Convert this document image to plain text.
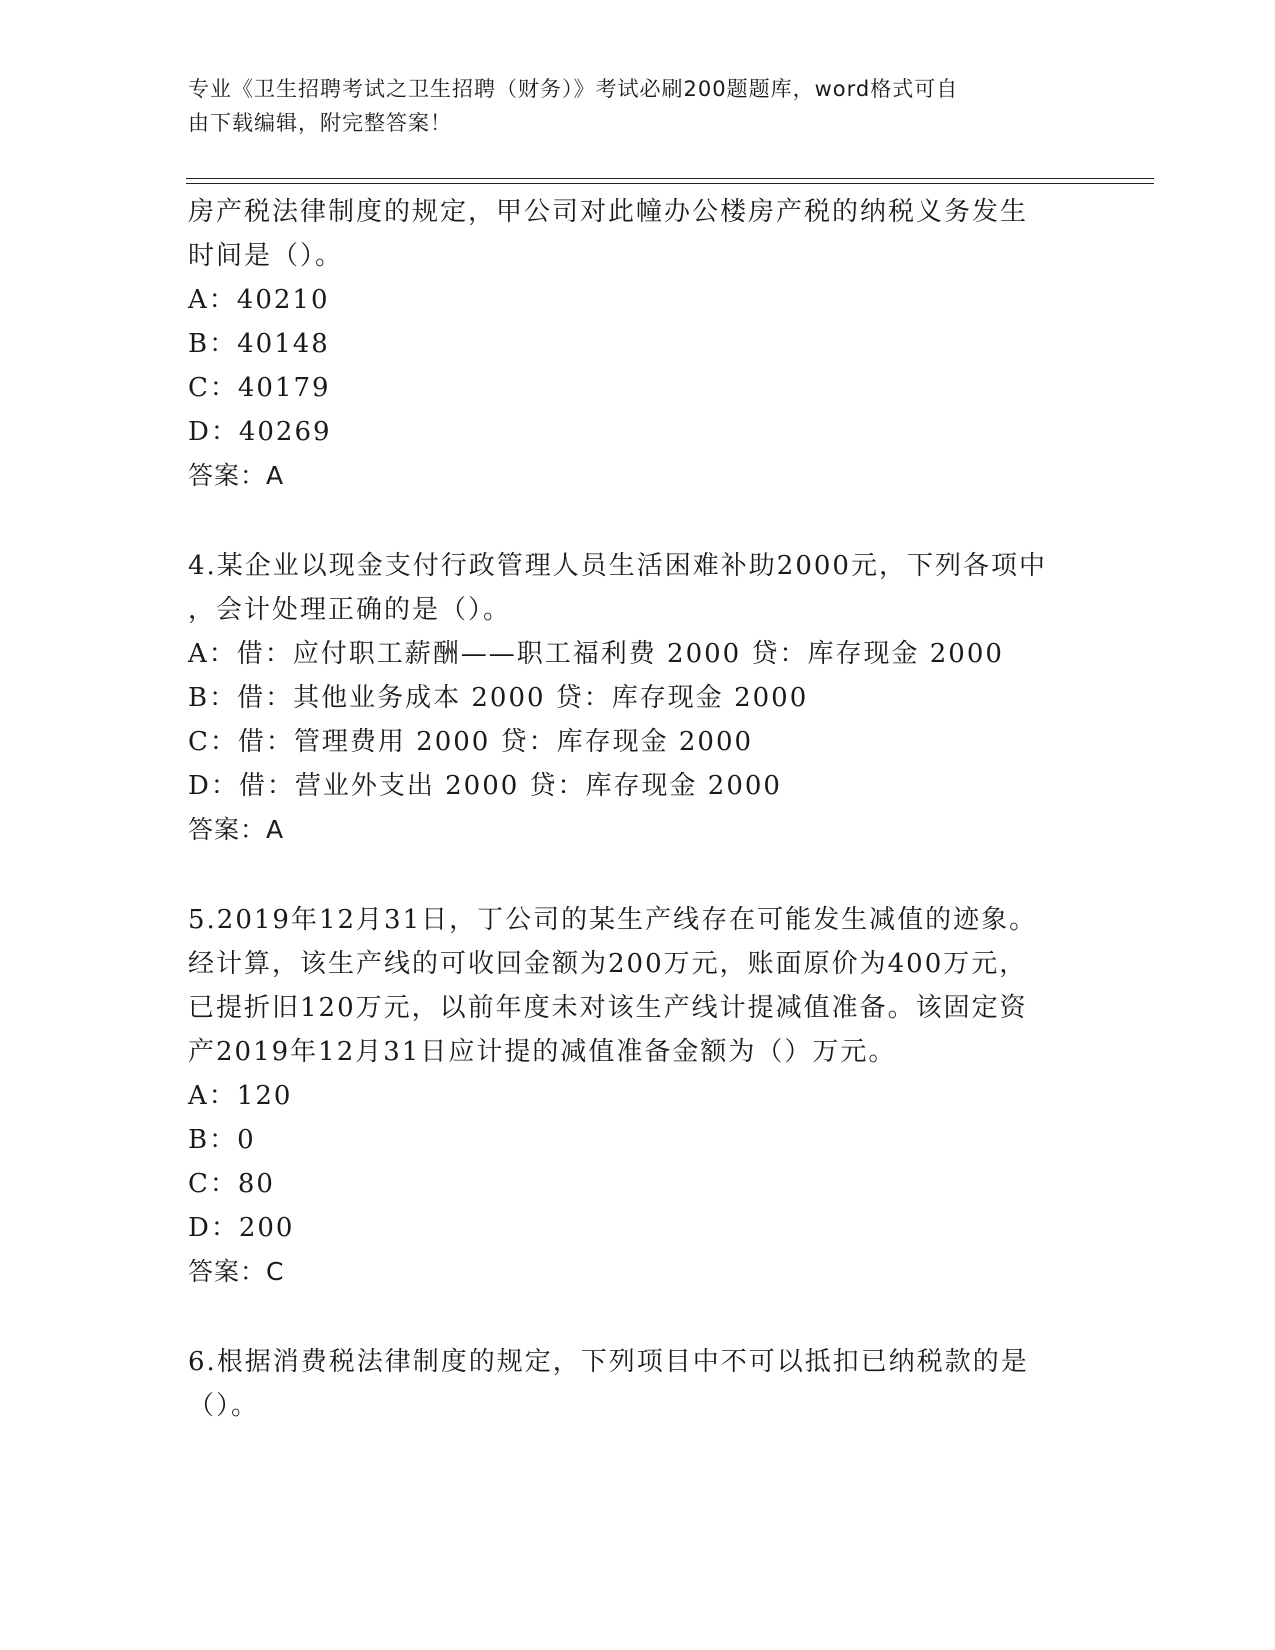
专业《卫生招聘考试之卫生招聘（财务）》考试必刷200题题库，word格式可自
由下载编辑，附完整答案！

房产税法律制度的规定，甲公司对此幢办公楼房产税的纳税义务发生

时间是（）。

A：40210

B：40148

C：40179

D：40269

答案：A

4.某企业以现金支付行政管理人员生活困难补助2000元，下列各项中

，会计处理正确的是（）。

A：借：应付职工薪酬——职工福利费 2000 贷：库存现金 2000

B：借：其他业务成本 2000 贷：库存现金 2000

C：借：管理费用 2000 贷：库存现金 2000

D：借：营业外支出 2000 贷：库存现金 2000

答案：A

5.2019年12月31日，丁公司的某生产线存在可能发生减值的迹象。

经计算，该生产线的可收回金额为200万元，账面原价为400万元，

已提折旧120万元，以前年度未对该生产线计提减值准备。该固定资

产2019年12月31日应计提的减值准备金额为（）万元。

A：120

B：0

C：80

D：200

答案：C

6.根据消费税法律制度的规定，下列项目中不可以抵扣已纳税款的是

（）。
